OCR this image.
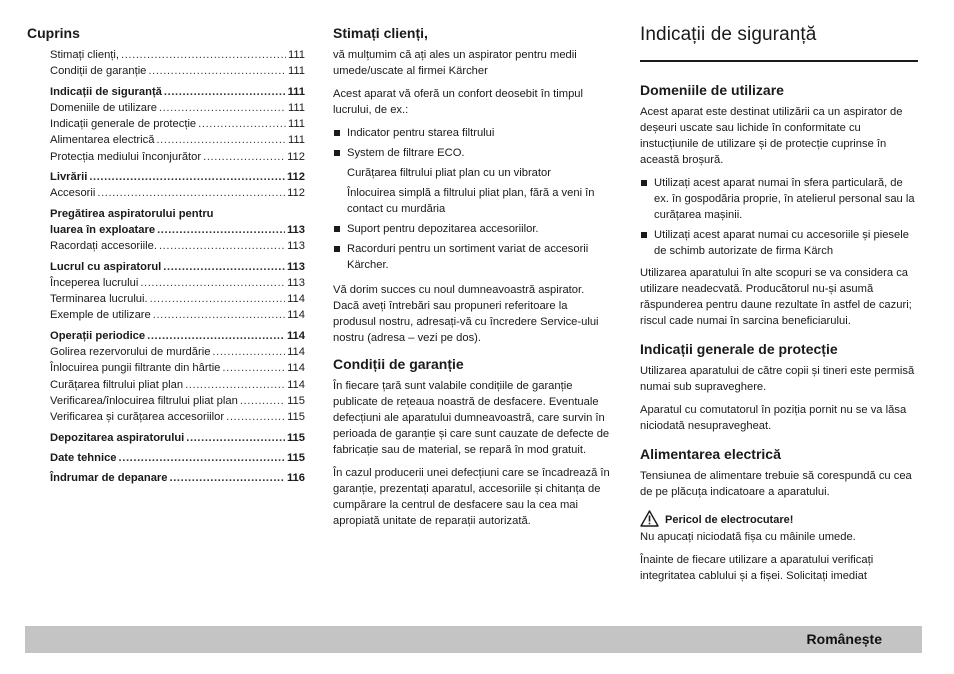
Cuprins
Stimați clienți, .....	111
Condiții de garanție .....	111
Indicații de siguranță .....	111
Domeniile de utilizare .....	111
Indicații generale de protecție .....	111
Alimentarea electrică .....	111
Protecția mediului înconjurător .....	112
Livrării .....	112
Accesorii .....	112
Pregătirea aspiratorului pentru
luarea în exploatare .....	113
Racordați accesoriile. .....	113
Lucrul cu aspiratorul .....	113
Începerea lucrului .....	113
Terminarea lucrului. .....	114
Exemple de utilizare .....	114
Operații periodice .....	114
Golirea rezervorului de murdărie .....	114
Înlocuirea pungii filtrante din hârtie .....	114
Curățarea filtrului pliat plan .....	114
Verificarea/înlocuirea filtrului pliat plan .....	115
Verificarea și curățarea accesoriilor .....	115
Depozitarea aspiratorului .....	115
Date tehnice .....	115
Îndrumar de depanare .....	116
Stimați clienți,

vă mulțumim că ați ales un aspirator pentru medii umede/uscate al firmei Kärcher

Acest aparat vă oferă un confort deosebit în timpul lucrului, de ex.:

Indicator pentru starea filtrului
System de filtrare ECO.
Curățarea filtrului pliat plan cu un vibrator
Înlocuirea simplă a filtrului pliat plan, fără a veni în contact cu murdăria
Suport pentru depozitarea accesoriilor.
Racorduri pentru un sortiment variat de accesorii Kärcher.

Vă dorim succes cu noul dumneavoastră aspirator. Dacă aveți întrebări sau propuneri referitoare la produsul nostru, adresați-vă cu încredere Service-ului nostru (adresa – vezi pe dos).

Condiții de garanție

În fiecare țară sunt valabile condițiile de garanție publicate de rețeaua noastră de desfacere. Eventuale defecțiuni ale aparatului dumneavoastră, care survin în perioada de garanție și care sunt cauzate de defecte de fabricație sau de material, se repară în mod gratuit.

În cazul producerii unei defecțiuni care se încadrează în garanție, prezentați aparatul, accesoriile și chitanța de cumpărare la centrul de desfacere sau la cea mai apropiată unitate de reparații autorizată.

Indicații de siguranță
Domeniile de utilizare

Acest aparat este destinat utilizării ca un aspirator de deșeuri uscate sau lichide în conformitate cu instucțiunile de utilizare și de protecție cuprinse în această broșură.

Utilizați acest aparat numai în sfera particulară, de ex. în gospodăria proprie, în atelierul personal sau la curățarea mașinii.
Utilizați acest aparat numai cu accesoriile și piesele de schimb autorizate de firma Kärch

Utilizarea aparatului în alte scopuri se va considera ca utilizare neadecvată. Producătorul nu-și asumă răspunderea pentru daune rezultate în astfel de cazuri; riscul cade numai în sarcina beneficiarului.

Indicații generale de protecție

Utilizarea aparatului de către copii și tineri este permisă numai sub supraveghere.

Aparatul cu comutatorul în poziția pornit nu se va lăsa niciodată nesupravegheat.

Alimentarea electrică

Tensiunea de alimentare trebuie să corespundă cu cea de pe plăcuța indicatoare a aparatului.

Pericol de electrocutare!

Nu apucați niciodată fișa cu mâinile umede.

Înainte de fiecare utilizare a aparatului verificați integritatea cablului și a fișei. Solicitați imediat

Românește
